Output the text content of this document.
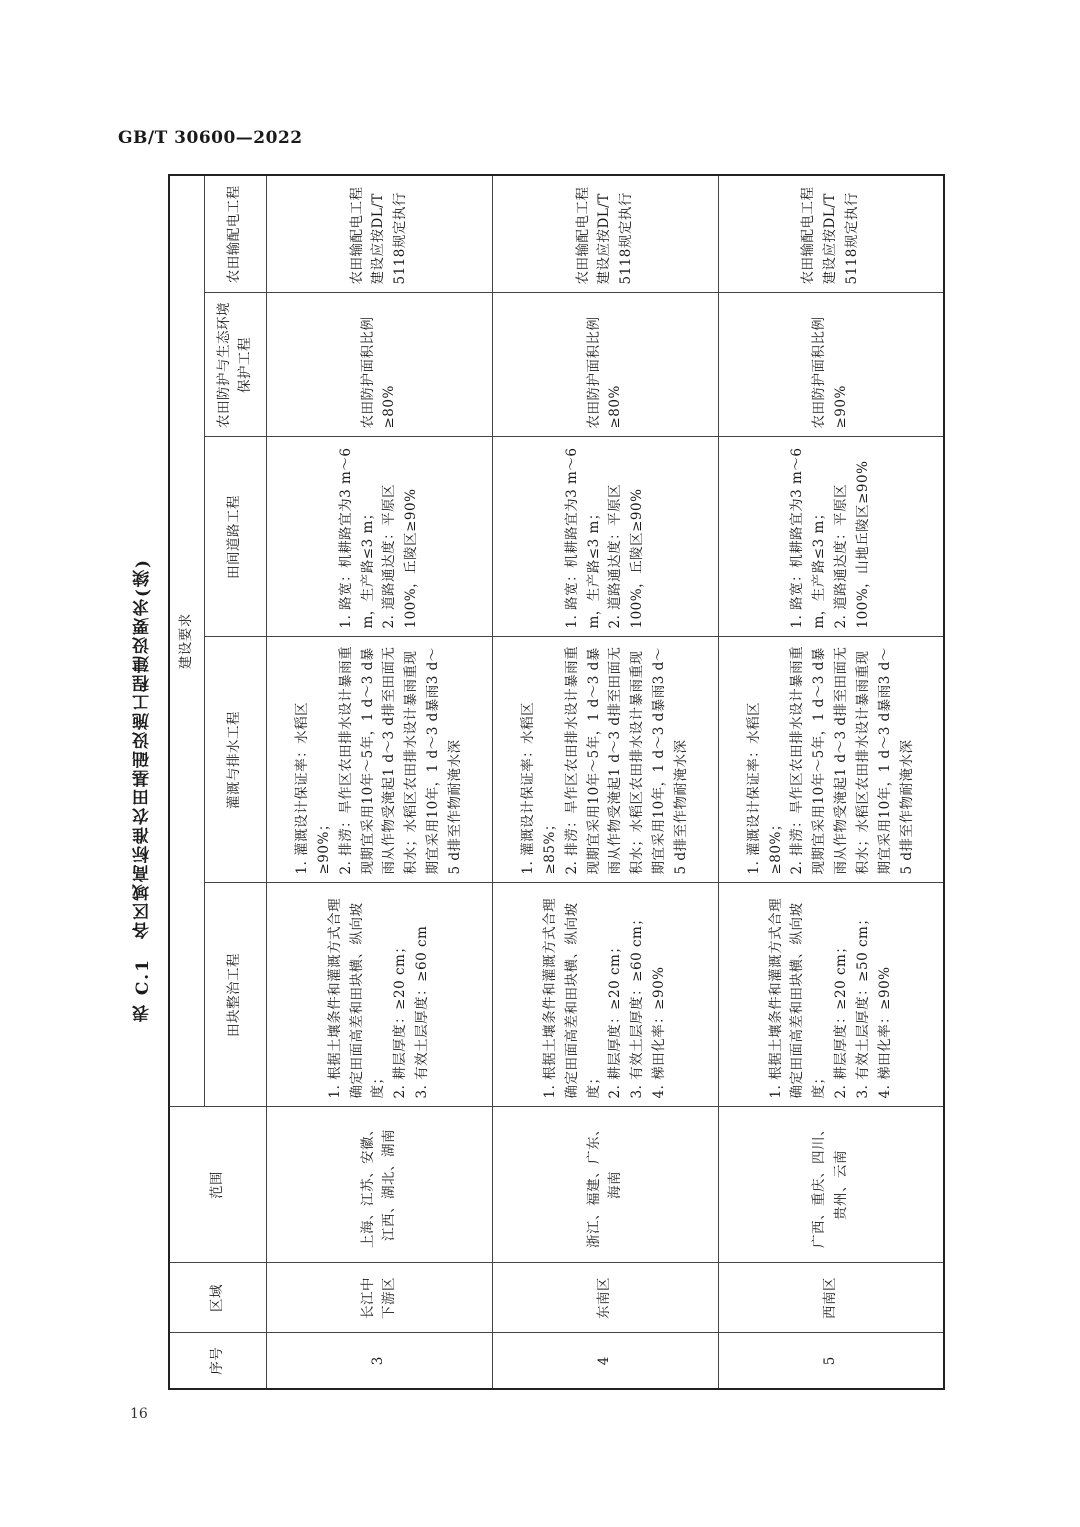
GB/T 30600—2022
表 C.1　各区域高标准农田基础设施工程建设要求(续)
序号	区域	范围	建设要求				
			田块整治工程	灌溉与排水工程	田间道路工程	农田防护与生态环境保护工程	农田输配电工程
3	长江中下游区	上海、江苏、安徽、江西、湖北、湖南	1. 根据土壤条件和灌溉方式合理确定田面高差和田块横、纵向坡度； 2. 耕层厚度：≥20 cm； 3. 有效土层厚度：≥60 cm	1. 灌溉设计保证率：水稻区≥90%； 2. 排涝：旱作区农田排水设计暴雨重现期宜采用10年～5年，1 d～3 d暴雨从作物受淹起1 d～3 d排至田面无积水；水稻区农田排水设计暴雨重现期宜采用10年，1 d～3 d暴雨3 d～5 d排至作物耐淹水深	1. 路宽：机耕路宜为3 m～6 m，生产路≤3 m； 2. 道路通达度：平原区100%，丘陵区≥90%	农田防护面积比例≥80%	农田输配电工程建设应按DL/T 5118规定执行
4	东南区	浙江、福建、广东、海南	1. 根据土壤条件和灌溉方式合理确定田面高差和田块横、纵向坡度； 2. 耕层厚度：≥20 cm； 3. 有效土层厚度：≥60 cm； 4. 梯田化率：≥90%	1. 灌溉设计保证率：水稻区≥85%； 2. 排涝：旱作区农田排水设计暴雨重现期宜采用10年～5年，1 d～3 d暴雨从作物受淹起1 d～3 d排至田面无积水；水稻区农田排水设计暴雨重现期宜采用10年，1 d～3 d暴雨3 d～5 d排至作物耐淹水深	1. 路宽：机耕路宜为3 m～6 m，生产路≤3 m； 2. 道路通达度：平原区100%，丘陵区≥90%	农田防护面积比例≥80%	农田输配电工程建设应按DL/T 5118规定执行
5	西南区	广西、重庆、四川、贵州、云南	1. 根据土壤条件和灌溉方式合理确定田面高差和田块横、纵向坡度； 2. 耕层厚度：≥20 cm； 3. 有效土层厚度：≥50 cm； 4. 梯田化率：≥90%	1. 灌溉设计保证率：水稻区≥80%； 2. 排涝：旱作区农田排水设计暴雨重现期宜采用10年～5年，1 d～3 d暴雨从作物受淹起1 d～3 d排至田面无积水；水稻区农田排水设计暴雨重现期宜采用10年，1 d～3 d暴雨3 d～5 d排至作物耐淹水深	1. 路宽：机耕路宜为3 m～6 m，生产路≤3 m； 2. 道路通达度：平原区100%，山地丘陵区≥90%	农田防护面积比例≥90%	农田输配电工程建设应按DL/T 5118规定执行
16
